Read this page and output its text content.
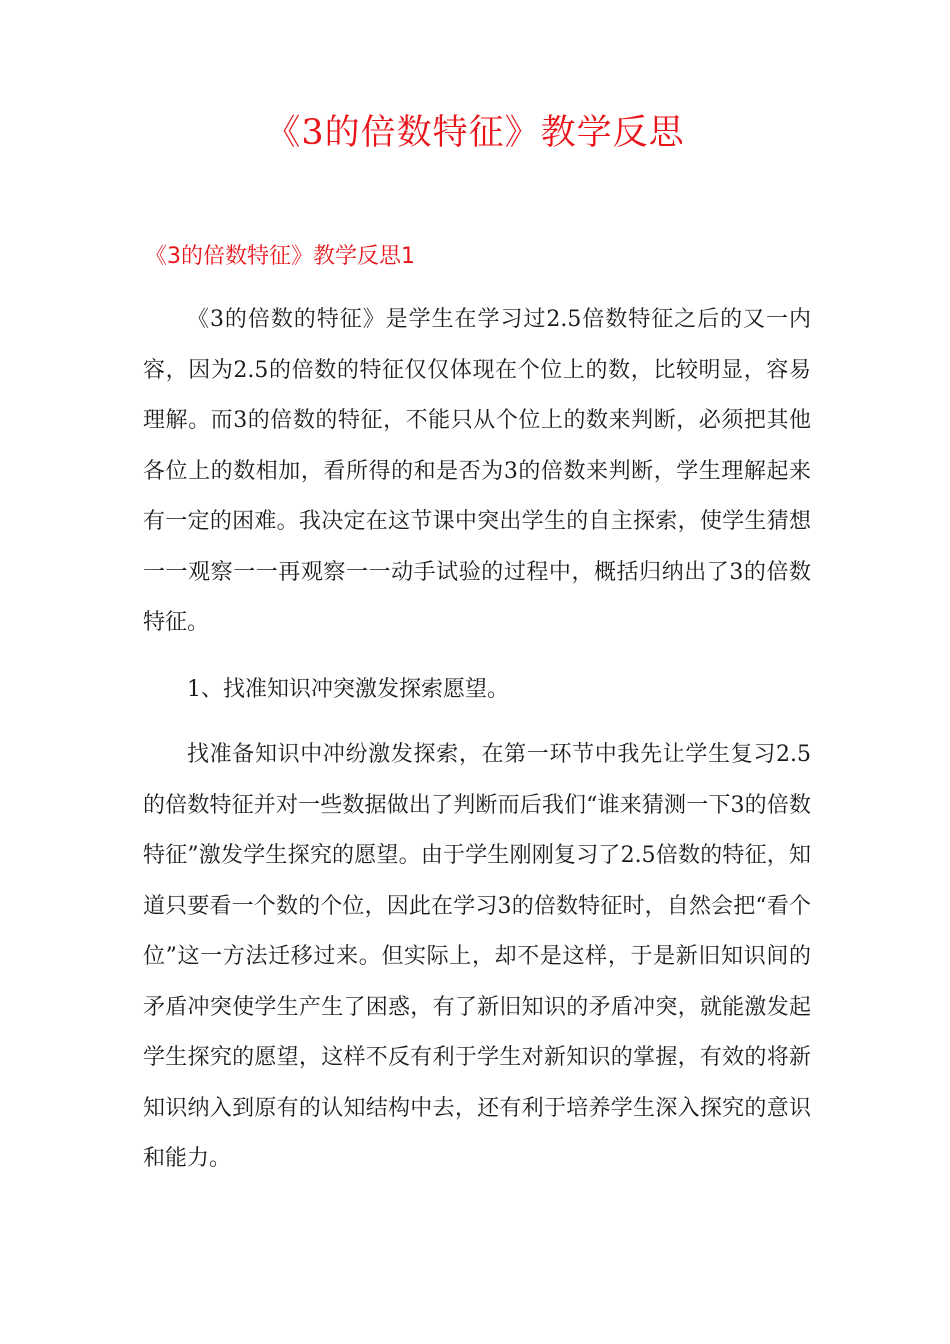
《3的倍数特征》教学反思
《3的倍数特征》教学反思1

《3的倍数的特征》是学生在学习过2.5倍数特征之后的又一内容，因为2.5的倍数的特征仅仅体现在个位上的数，比较明显，容易理解。而3的倍数的特征，不能只从个位上的数来判断，必须把其他各位上的数相加，看所得的和是否为3的倍数来判断，学生理解起来有一定的困难。我决定在这节课中突出学生的自主探索，使学生猜想一一观察一一再观察一一动手试验的过程中，概括归纳出了3的倍数特征。

1、找准知识冲突激发探索愿望。

找准备知识中冲纷激发探索，在第一环节中我先让学生复习2.5的倍数特征并对一些数据做出了判断而后我们“谁来猜测一下3的倍数特征”激发学生探究的愿望。由于学生刚刚复习了2.5倍数的特征，知道只要看一个数的个位，因此在学习3的倍数特征时，自然会把“看个位”这一方法迁移过来。但实际上，却不是这样，于是新旧知识间的矛盾冲突使学生产生了困惑，有了新旧知识的矛盾冲突，就能激发起学生探究的愿望，这样不反有利于学生对新知识的掌握，有效的将新知识纳入到原有的认知结构中去，还有利于培养学生深入探究的意识和能力。
